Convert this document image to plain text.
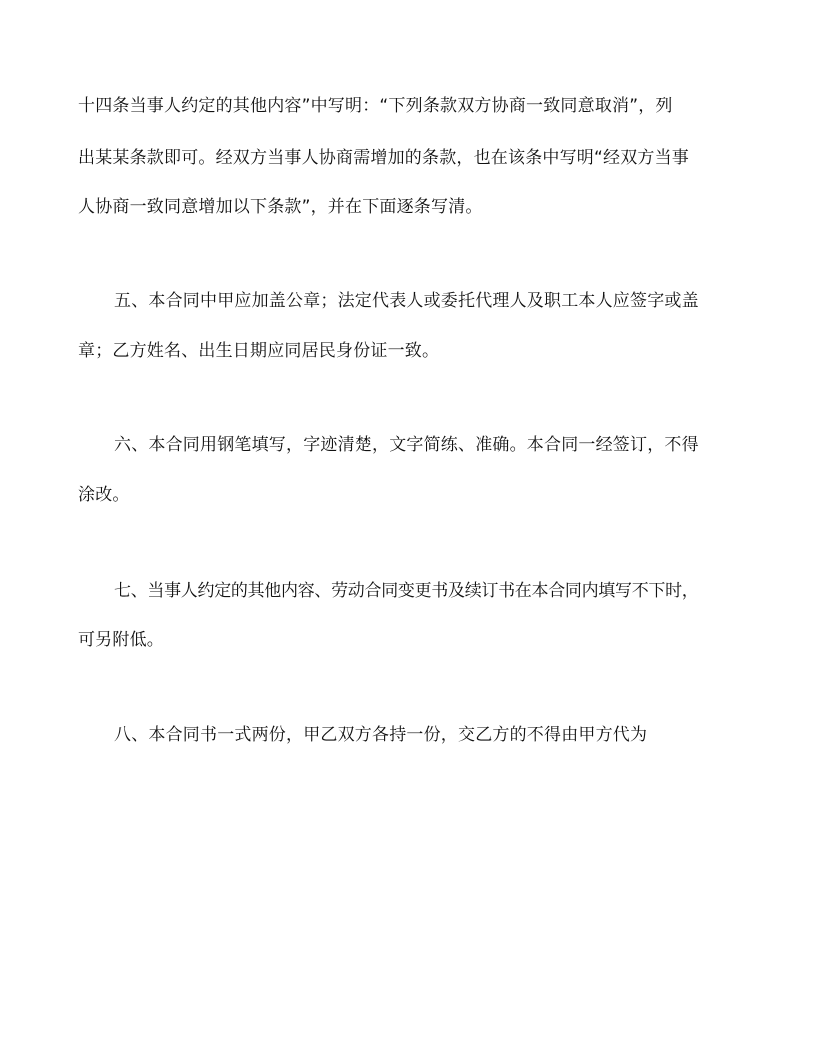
十四条当事人约定的其他内容”中写明：“下列条款双方协商一致同意取消”，列
出某某条款即可。经双方当事人协商需增加的条款，也在该条中写明“经双方当事
人协商一致同意增加以下条款”，并在下面逐条写清。
五、本合同中甲应加盖公章；法定代表人或委托代理人及职工本人应签字或盖
章；乙方姓名、出生日期应同居民身份证一致。
六、本合同用钢笔填写，字迹清楚，文字简练、准确。本合同一经签订，不得
涂改。
七、当事人约定的其他内容、劳动合同变更书及续订书在本合同内填写不下时，
可另附低。
八、本合同书一式两份，甲乙双方各持一份，交乙方的不得由甲方代为
